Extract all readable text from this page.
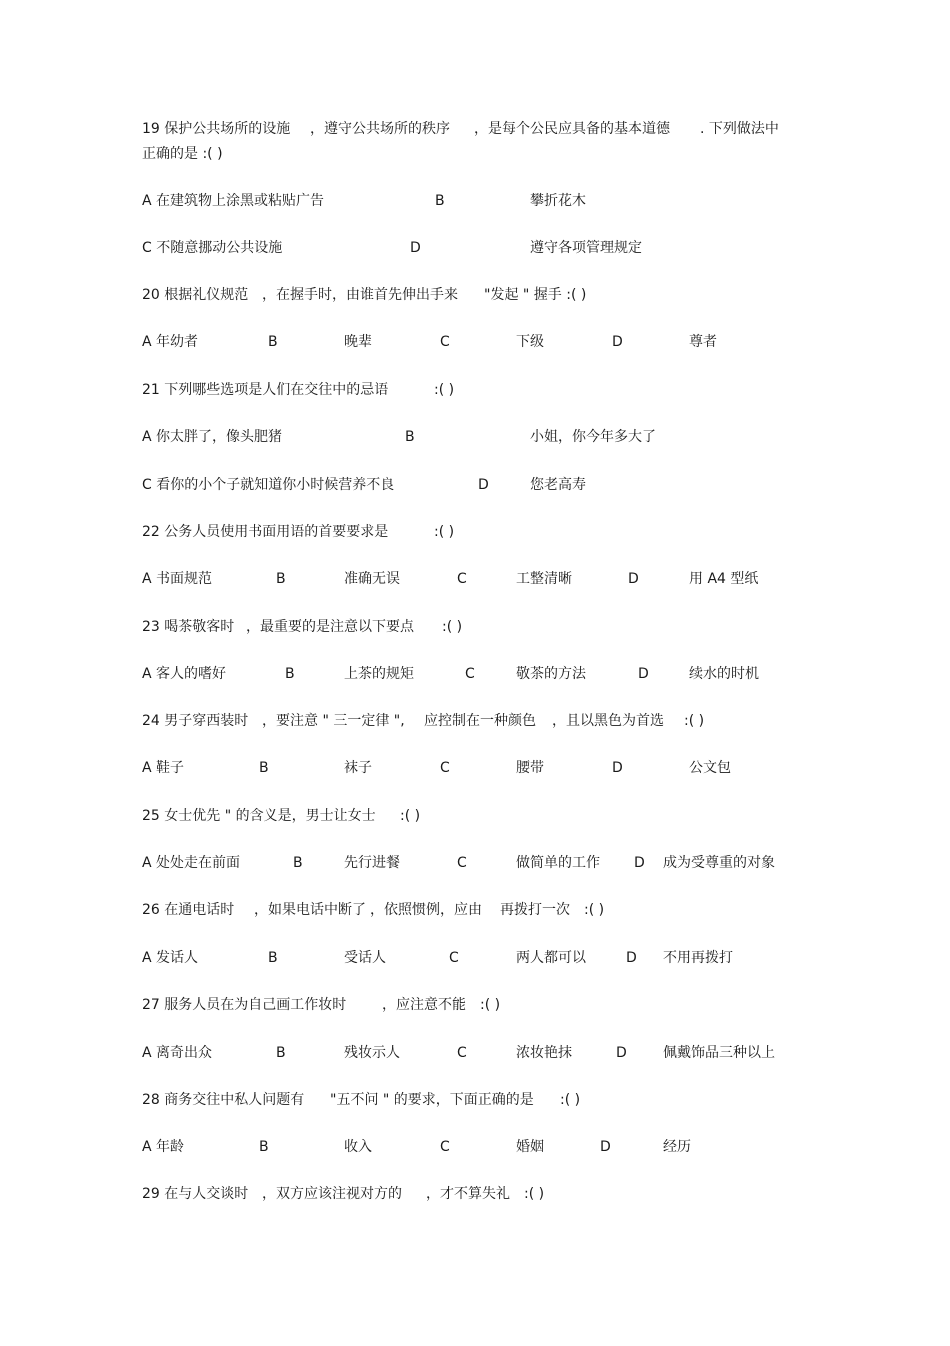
19 保护公共场所的设施 ，遵守公共场所的秩序 ，是每个公民应具备的基本道德 . 下列做法中
正确的是 :( )
A 在建筑物上涂黑或粘贴广告	B	攀折花木
C 不随意挪动公共设施	D	遵守各项管理规定
20 根据礼仪规范 ，在握手时，由谁首先伸出手来 "发起 " 握手 :( )
A 年幼者	B	晚辈	C	下级	D	尊者
21 下列哪些选项是人们在交往中的忌语	:( )
A 你太胖了，像头肥猪	B	小姐，你今年多大了
C 看你的小个子就知道你小时候营养不良	D	您老高寿
22 公务人员使用书面用语的首要要求是	:( )
A 书面规范	B	准确无误	C	工整清晰	D	用 A4 型纸
23 喝茶敬客时 ，最重要的是注意以下要点 :( )
A 客人的嗜好	B	上茶的规矩	C	敬茶的方法	D	续水的时机
24 男子穿西装时 ，要注意 " 三一定律 ", 应控制在一种颜色 ，且以黑色为首选 :( )
A 鞋子	B	袜子	C	腰带	D	公文包
25 女士优先 " 的含义是，男士让女士 :( )
A 处处走在前面	B	先行进餐	C	做简单的工作 D 成为受尊重的对象
26 在通电话时 ，如果电话中断了 ，依照惯例，应由 再拨打一次 :( )
A 发话人	B	受话人	C	两人都可以	D 不用再拨打
27 服务人员在为自己画工作妆时	，应注意不能 :( )
A 离奇出众	B	残妆示人	C	浓妆艳抹	D	佩戴饰品三种以上
28 商务交往中私人问题有 "五不问 " 的要求，下面正确的是 :( )
A 年龄	B	收入	C	婚姻	D	经历
29 在与人交谈时 ，双方应该注视对方的 ，才不算失礼 :( )
